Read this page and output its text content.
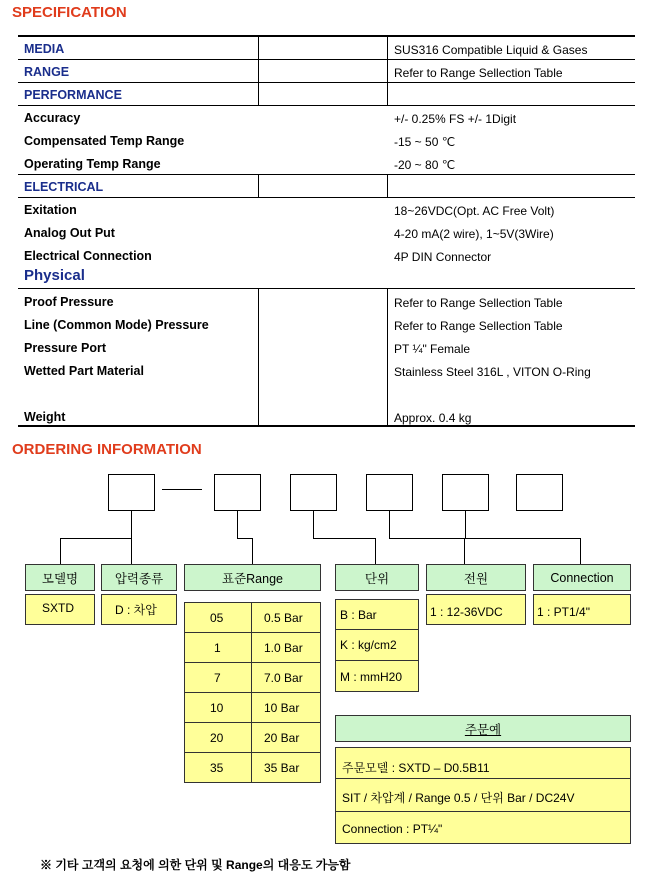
SPECIFICATION
MEDIA	SUS316 Compatible Liquid & Gases
RANGE	Refer to Range Sellection Table
PERFORMANCE
Accuracy	+/- 0.25% FS +/- 1Digit
Compensated Temp Range	-15 ~ 50 ℃
Operating Temp Range	-20 ~ 80 ℃
ELECTRICAL
Exitation	18~26VDC(Opt. AC Free Volt)
Analog Out Put	4-20 mA(2 wire), 1~5V(3Wire)
Electrical Connection	4P DIN Connector
Physical
Proof Pressure	Refer to Range Sellection Table
Line (Common Mode) Pressure	Refer to Range Sellection Table
Pressure Port	PT ¼" Female
Wetted Part Material	Stainless Steel 316L , VITON O-Ring
Weight	Approx. 0.4 kg
ORDERING INFORMATION
모델명	압력종류	표준Range	단위	전원	Connection
SXTD	D : 차압
05	0.5 Bar
1	1.0 Bar
7	7.0 Bar
10	10 Bar
20	20 Bar
35	35 Bar
B : Bar
K : kg/cm2
M : mmH20
1 : 12-36VDC	1 : PT1/4"
주문예
주문모델 : SXTD – D0.5B11
SIT / 차압계 / Range 0.5 / 단위 Bar / DC24V
Connection : PT¼"
※ 기타 고객의 요청에 의한 단위 및 Range의 대응도 가능함
